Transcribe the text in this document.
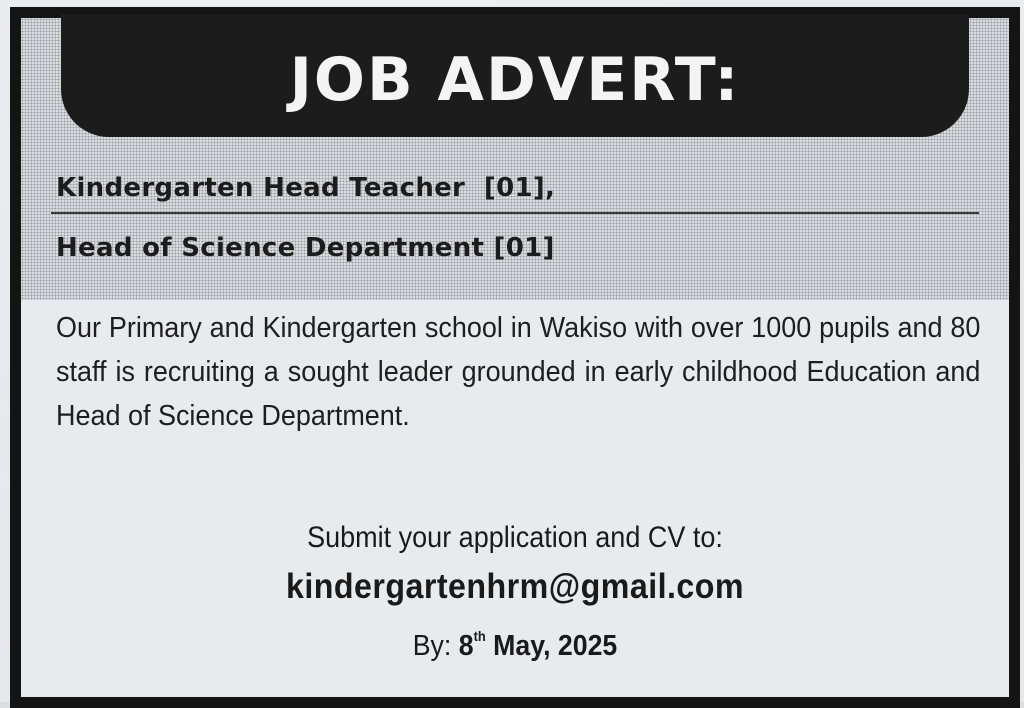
JOB ADVERT:
Kindergarten Head Teacher  [01],
Head of Science Department [01]
Our Primary and Kindergarten school in Wakiso with over 1000 pupils and 80 staff is recruiting a sought leader grounded in early childhood Education and Head of Science Department.
Submit your application and CV to:
kindergartenhrm@gmail.com
By: 8th May, 2025
